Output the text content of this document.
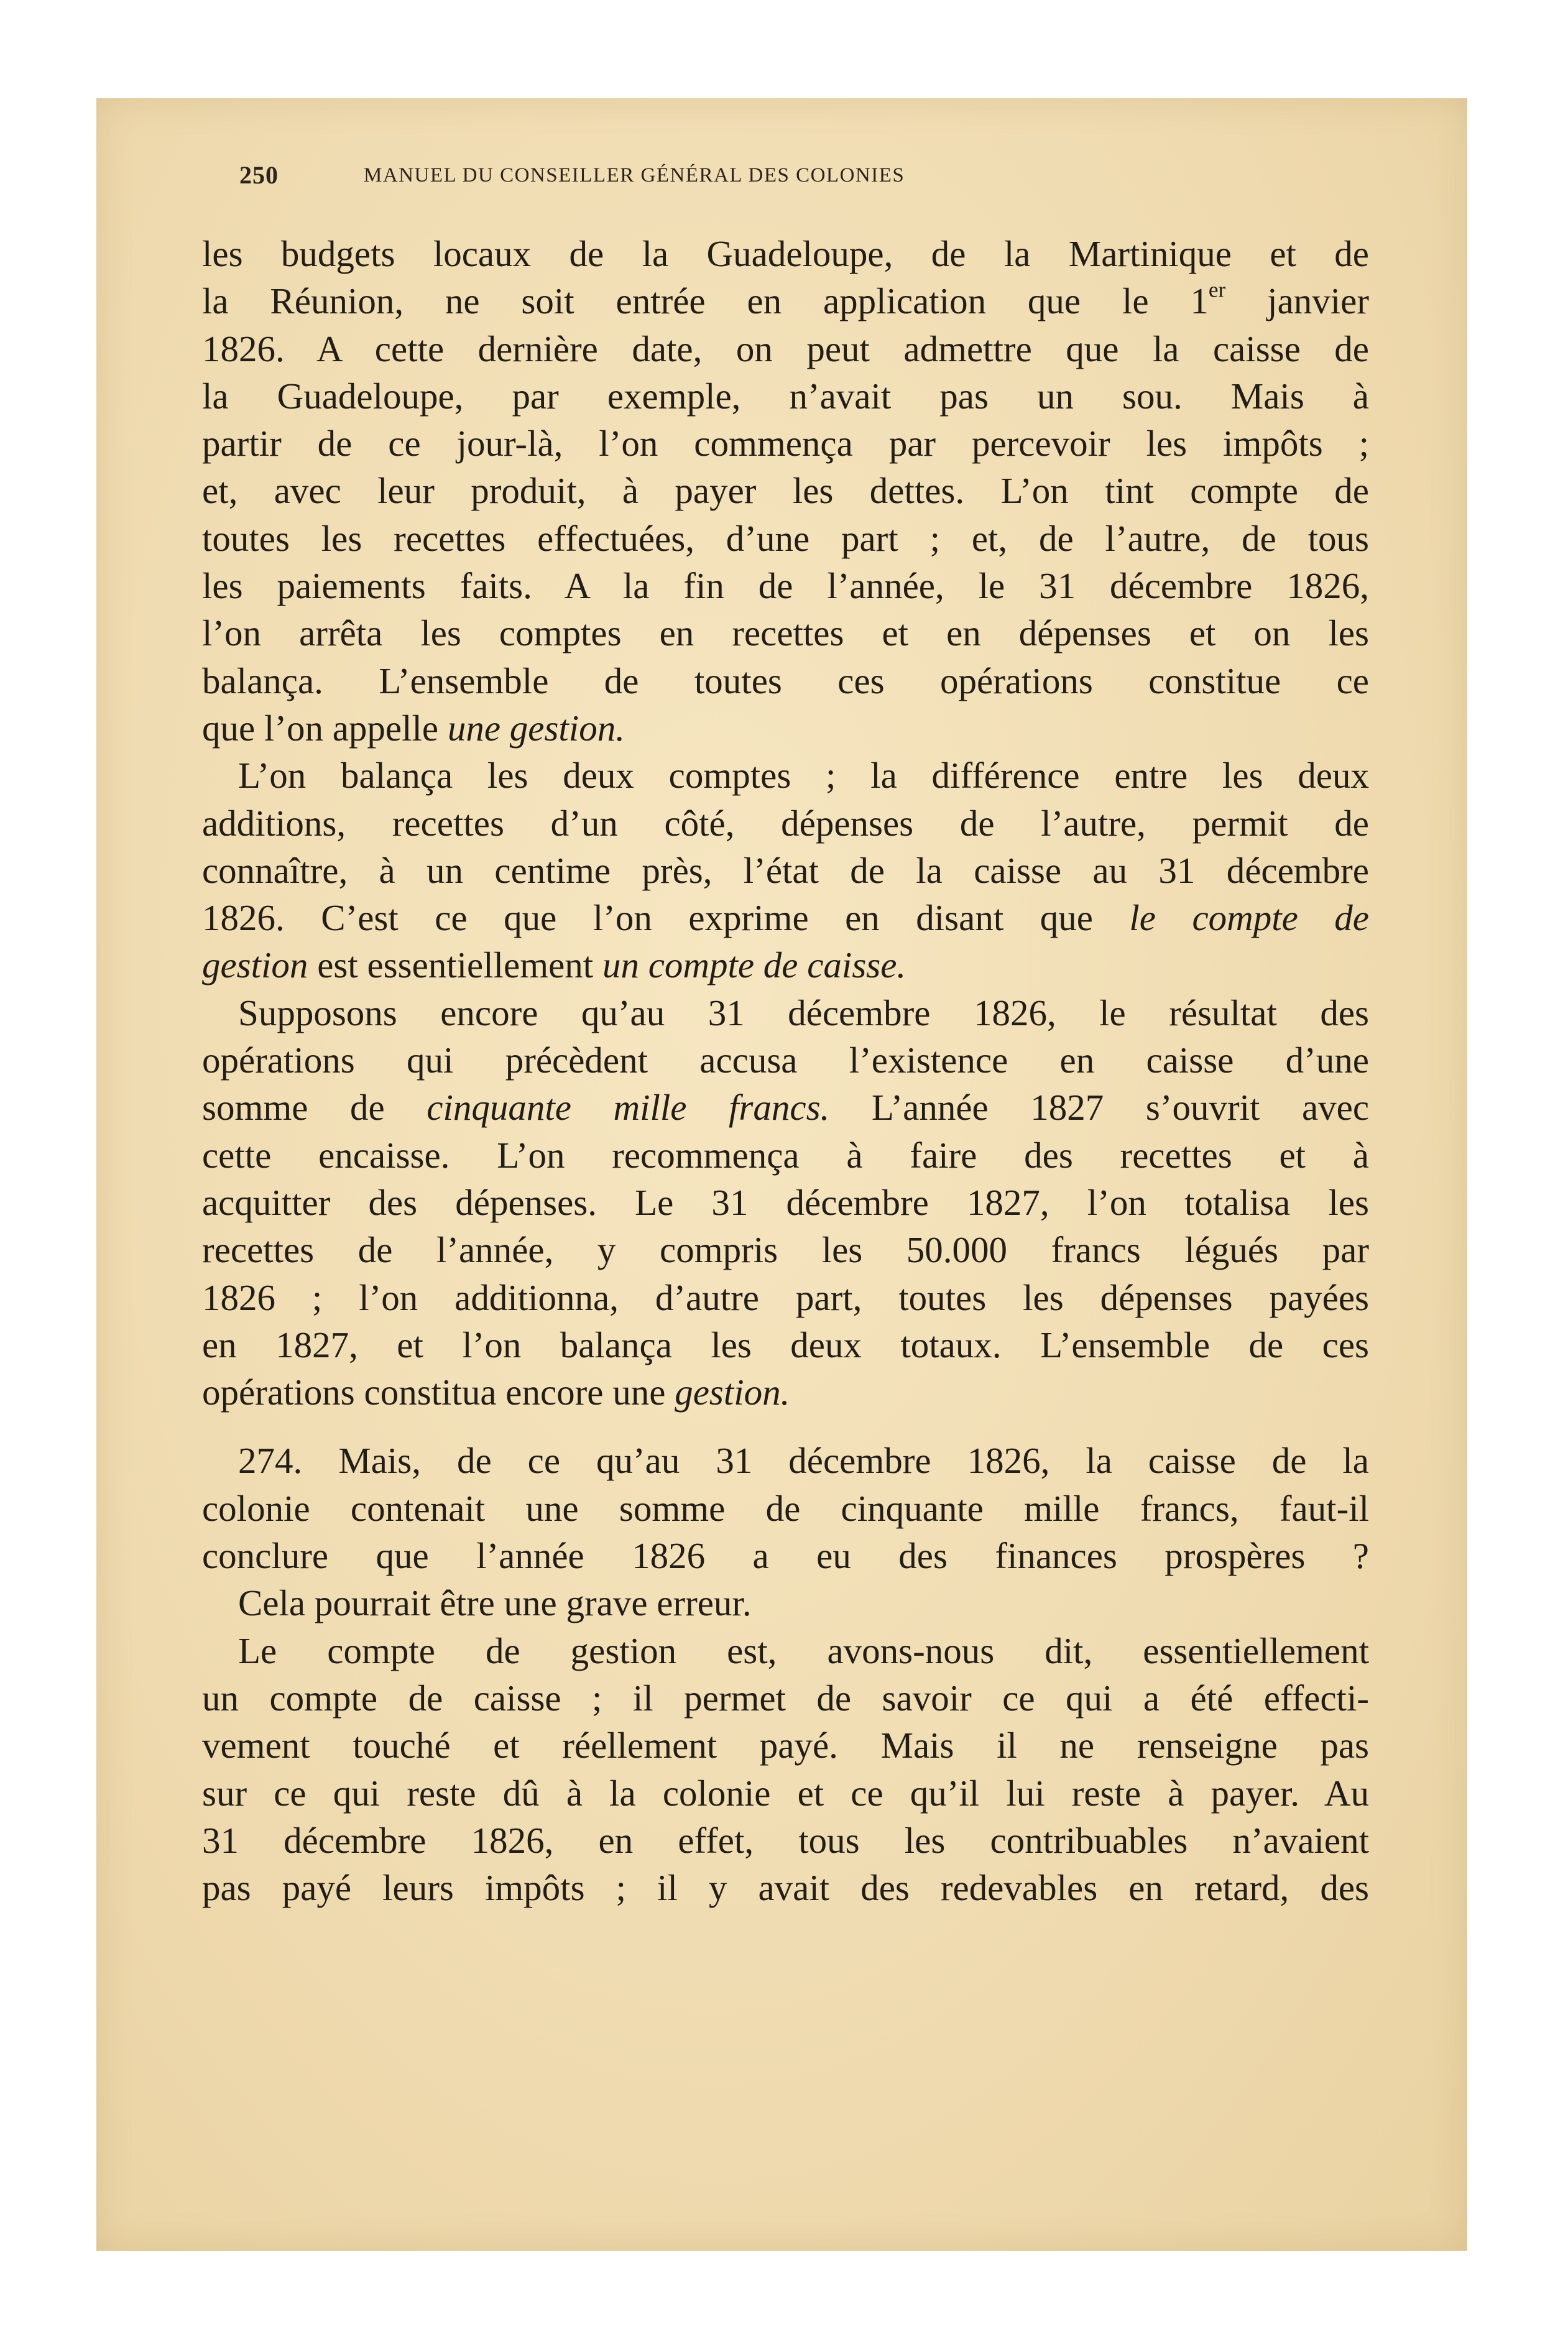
250	MANUEL DU CONSEILLER GÉNÉRAL DES COLONIES
les budgets locaux de la Guadeloupe, de la Martinique et de
la Réunion, ne soit entrée en application que le 1er janvier
1826. A cette dernière date, on peut admettre que la caisse de
la Guadeloupe, par exemple, n’avait pas un sou. Mais à
partir de ce jour-là, l’on commença par percevoir les impôts ;
et, avec leur produit, à payer les dettes. L’on tint compte de
toutes les recettes effectuées, d’une part ; et, de l’autre, de tous
les paiements faits. A la fin de l’année, le 31 décembre 1826,
l’on arrêta les comptes en recettes et en dépenses et on les
balança. L’ensemble de toutes ces opérations constitue ce
que l’on appelle une gestion.
L’on balança les deux comptes ; la différence entre les deux
additions, recettes d’un côté, dépenses de l’autre, permit de
connaître, à un centime près, l’état de la caisse au 31 décembre
1826. C’est ce que l’on exprime en disant que le compte de
gestion est essentiellement un compte de caisse.
Supposons encore qu’au 31 décembre 1826, le résultat des
opérations qui précèdent accusa l’existence en caisse d’une
somme de cinquante mille francs. L’année 1827 s’ouvrit avec
cette encaisse. L’on recommença à faire des recettes et à
acquitter des dépenses. Le 31 décembre 1827, l’on totalisa les
recettes de l’année, y compris les 50.000 francs légués par
1826 ; l’on additionna, d’autre part, toutes les dépenses payées
en 1827, et l’on balança les deux totaux. L’ensemble de ces
opérations constitua encore une gestion.
274. Mais, de ce qu’au 31 décembre 1826, la caisse de la
colonie contenait une somme de cinquante mille francs, faut-il
conclure que l’année 1826 a eu des finances prospères ?
Cela pourrait être une grave erreur.
Le compte de gestion est, avons-nous dit, essentiellement
un compte de caisse ; il permet de savoir ce qui a été effecti-
vement touché et réellement payé. Mais il ne renseigne pas
sur ce qui reste dû à la colonie et ce qu’il lui reste à payer. Au
31 décembre 1826, en effet, tous les contribuables n’avaient
pas payé leurs impôts ; il y avait des redevables en retard, des
